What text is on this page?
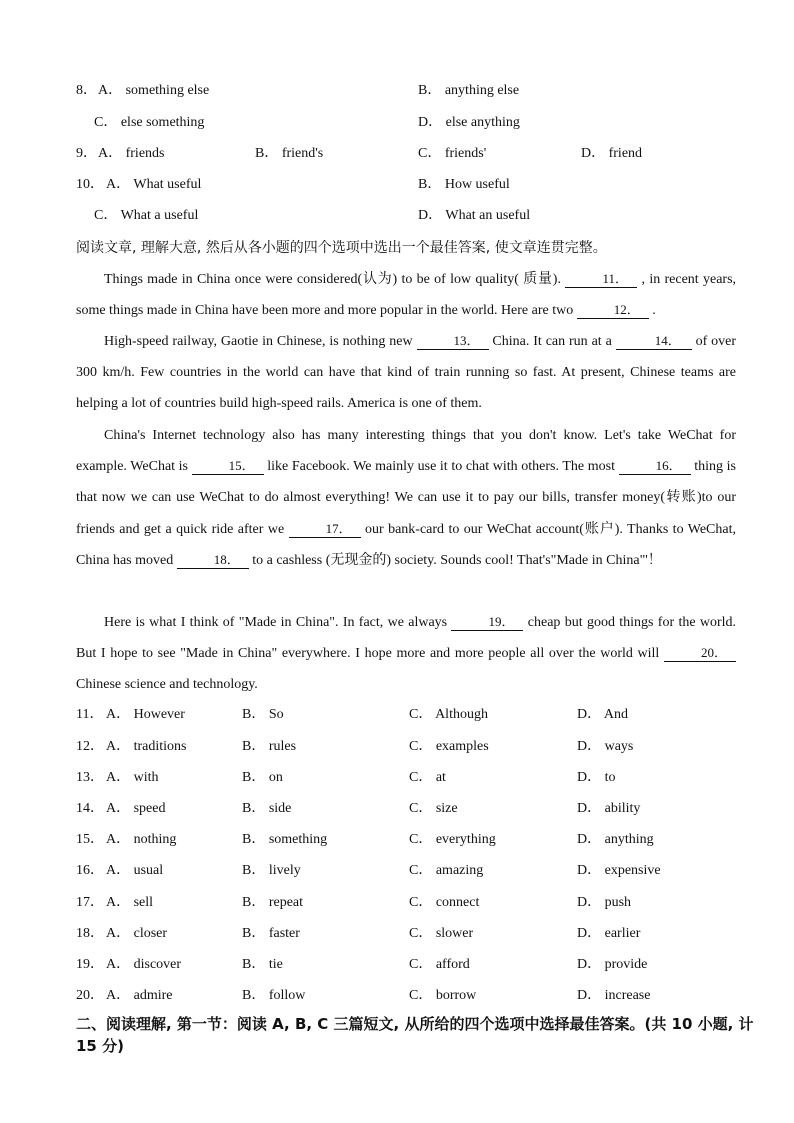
8． A． something else	B． anything else
C． else something	D． else anything
9． A． friends	B． friend's	C． friends'	D． friend
10． A． What useful	B． How useful
C． What a useful	D． What an useful
阅读文章, 理解大意, 然后从各小题的四个选项中选出一个最佳答案, 使文章连贯完整。
Things made in China once were considered(认为) to be of low quality( 质量).	11． , in recent years, some things made in China have been more and more popular in the world. Here are two	12． .
High-speed railway, Gaotie in Chinese, is nothing new	13． China. It can run at a	14． of over 300 km/h. Few countries in the world can have that kind of train running so fast. At present, Chinese teams are helping a lot of countries build high-speed rails. America is one of them.
China's Internet technology also has many interesting things that you don't know. Let's take WeChat for example. WeChat is	15． like Facebook. We mainly use it to chat with others. The most	16． thing is that now we can use WeChat to do almost everything! We can use it to pay our bills, transfer money(转账)to our friends and get a quick ride after we	17． our bank-card to our WeChat account(账户). Thanks to WeChat, China has moved	18． to a cashless (无现金的) society. Sounds cool! That's"Made in China"'！
Here is what I think of "Made in China". In fact, we always	19． cheap but good things for the world. But I hope to see "Made in China" everywhere. I hope more and more people all over the world will	20． Chinese science and technology.
11． A． However	B． So	C． Although	D． And
12． A． traditions	B． rules	C． examples	D． ways
13． A． with	B． on	C． at	D． to
14． A． speed	B． side	C． size	D． ability
15． A． nothing	B． something	C． everything	D． anything
16． A． usual	B． lively	C． amazing	D． expensive
17． A． sell	B． repeat	C． connect	D． push
18． A． closer	B． faster	C． slower	D． earlier
19． A． discover	B． tie	C． afford	D． provide
20． A． admire	B． follow	C． borrow	D． increase
二、阅读理解, 第一节：阅读 A, B, C 三篇短文, 从所给的四个选项中选择最佳答案。(共 10 小题, 计 15 分)
